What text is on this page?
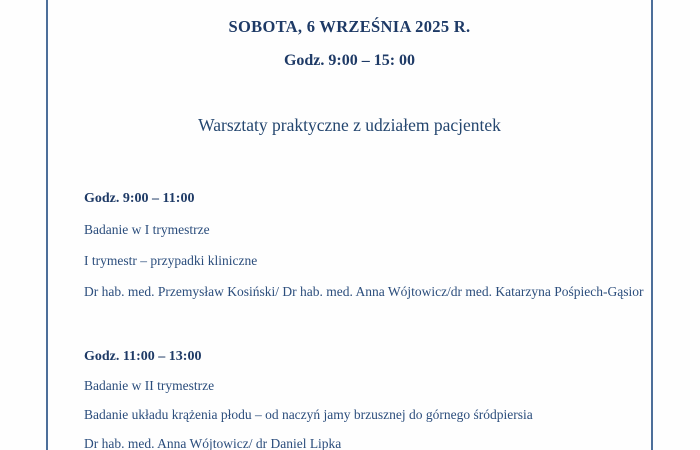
SOBOTA, 6 WRZEŚNIA 2025 R.
Godz. 9:00 – 15: 00
Warsztaty praktyczne z udziałem pacjentek

Godz. 9:00 – 11:00

Badanie w I trymestrze

I trymestr – przypadki kliniczne

Dr hab. med. Przemysław Kosiński/ Dr hab. med. Anna Wójtowicz/dr med. Katarzyna Pośpiech-Gąsior

Godz. 11:00 – 13:00

Badanie w II trymestrze

Badanie układu krążenia płodu – od naczyń jamy brzusznej do górnego śródpiersia

Dr hab. med. Anna Wójtowicz/ dr Daniel Lipka
